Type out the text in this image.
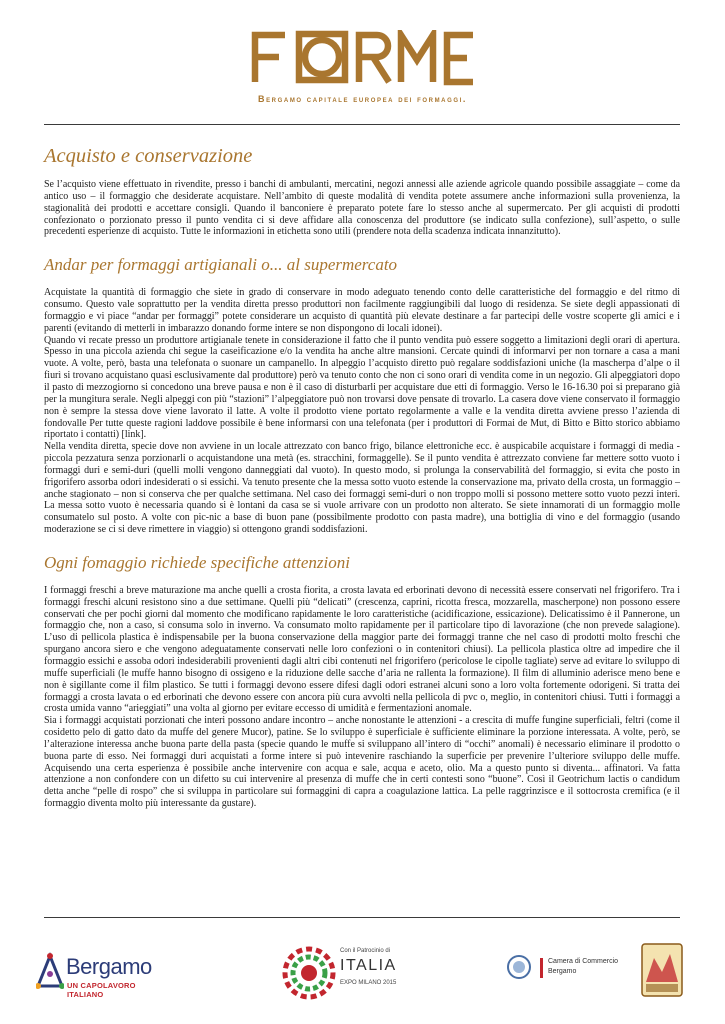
Bergamo capitale europea dei formaggi.
Acquisto e conservazione

Se l’acquisto viene effettuato in rivendite, presso i banchi di ambulanti, mercatini, negozi annessi alle aziende agricole quando possibile assaggiate – come da antico uso – il formaggio che desiderate acquistare. Nell’ambito di queste modalità di vendita potete assumere anche informazioni sulla provenienza, la stagionalità dei prodotti e accettare consigli. Quando il banconiere è preparato potete fare lo stesso anche al supermercato. Per gli acquisti di prodotti confezionato o porzionato presso il punto vendita ci si deve affidare alla conoscenza del produttore (se indicato sulla confezione), sull’aspetto, o sulle precedenti esperienze di acquisto. Tutte le informazioni in etichetta sono utili (prendere nota della scadenza indicata innanzitutto).

Andar per formaggi artigianali o... al supermercato

Acquistate la quantità di formaggio che siete in grado di conservare in modo adeguato tenendo conto delle caratteristiche del formaggio e del ritmo di consumo. Questo vale soprattutto per la vendita diretta presso produttori non facilmente raggiungibili dal luogo di residenza. Se siete degli appassionati di formaggio e vi piace “andar per formaggi” potete considerare un acquisto di quantità più elevate destinare a far partecipi delle vostre scoperte gli amici e i parenti (evitando di metterli in imbarazzo donando forme intere se non dispongono di locali idonei).

Quando vi recate presso un produttore artigianale tenete in considerazione il fatto che il punto vendita può essere soggetto a limitazioni degli orari di apertura. Spesso in una piccola azienda chi segue la caseificazione e/o la vendita ha anche altre mansioni. Cercate quindi di informarvi per non tornare a casa a mani vuote. A volte, però, basta una telefonata o suonare un campanello. In alpeggio l’acquisto diretto può regalare soddisfazioni uniche (la mascherpa d’alpe o il fiurì si trovano acquistano quasi esclusivamente dal produttore) però va tenuto conto che non ci sono orari di vendita come in un negozio. Gli alpeggiatori dopo il pasto di mezzogiorno si concedono una breve pausa e non è il caso di disturbarli per acquistare due etti di formaggio. Verso le 16-16.30 poi si preparano già per la mungitura serale. Negli alpeggi con più “stazioni” l’alpeggiatore può non trovarsi dove pensate di trovarlo. La casera dove viene conservato il formaggio non è sempre la stessa dove viene lavorato il latte. A volte il prodotto viene portato regolarmente a valle e la vendita diretta avviene presso l’azienda di fondovalle Per tutte queste ragioni laddove possibile è bene informarsi con una telefonata (per i produttori di Formai de Mut, di Bitto e Bitto storico abbiamo riportato i contatti) [link].

Nella vendita diretta, specie dove non avviene in un locale attrezzato con banco frigo, bilance elettroniche ecc. è auspicabile acquistare i formaggi di media -piccola pezzatura senza porzionarli o acquistandone una metà (es. stracchini, formaggelle). Se il punto vendita è attrezzato conviene far mettere sotto vuoto i formaggi duri e semi-duri (quelli molli vengono danneggiati dal vuoto). In questo modo, si prolunga la conservabilità del formaggio, si evita che posto in frigorifero assorba odori indesiderati o si essichi. Va tenuto presente che la messa sotto vuoto estende la conservazione ma, privato della crosta, un formaggio – anche stagionato – non si conserva che per qualche settimana. Nel caso dei formaggi semi-duri o non troppo molli si possono mettere sotto vuoto pezzi interi. La messa sotto vuoto è necessaria quando si è lontani da casa se si vuole arrivare con un prodotto non alterato. Se siete innamorati di un formaggio molle consumatelo sul posto. A volte con pic-nic a base di buon pane (possibilmente prodotto con pasta madre), una bottiglia di vino e del formaggio (usando moderazione se ci si deve rimettere in viaggio) si ottengono grandi soddisfazioni.

Ogni fomaggio richiede specifiche attenzioni

I formaggi freschi a breve maturazione ma anche quelli a crosta fiorita, a crosta lavata ed erborinati devono di necessità essere conservati nel frigorifero. Tra i formaggi freschi alcuni resistono sino a due settimane. Quelli più “delicati” (crescenza, caprini, ricotta fresca, mozzarella, mascherpone) non possono essere conservati che per pochi giorni dal momento che modificano rapidamente le loro caratteristiche (acidificazione, essicazione). Delicatissimo è il Pannerone, un formaggio che, non a caso, si consuma solo in inverno. Va consumato molto rapidamente per il particolare tipo di lavorazione (che non prevede salagione). L’uso di pellicola plastica è indispensabile per la buona conservazione della maggior parte dei formaggi tranne che nel caso di prodotti molto freschi che spurgano ancora siero e che vengono adeguatamente conservati nelle loro confezioni o in contenitori chiusi). La pellicola plastica oltre ad impedire che il formaggio essichi e assoba odori indesiderabili provenienti dagli altri cibi contenuti nel frigorifero (pericolose le cipolle tagliate) serve ad evitare lo sviluppo di muffe superficiali (le muffe hanno bisogno di ossigeno e la riduzione delle sacche d’aria ne rallenta la formazione). Il film di alluminio aderisce meno bene e non è sigillante come il film plastico. Se tutti i formaggi devono essere difesi dagli odori estranei alcuni sono a loro volta fortemente odorigeni. Si tratta dei formaggi a crosta lavata o ed erborinati che devono essere con ancora più cura avvolti nella pellicola di pvc o, meglio, in contenitori chiusi. Tutti i formaggi a crosta umida vanno “arieggiati” una volta al giorno per evitare eccesso di umidità e fermentazioni anomale.

Sia i formaggi acquistati porzionati che interi possono andare incontro – anche nonostante le attenzioni - a crescita di muffe fungine superficiali, feltri (come il cosidetto pelo di gatto dato da muffe del genere Mucor), patine. Se lo sviluppo è superficiale è sufficiente eliminare la porzione interessata. A volte, però, se l’alterazione interessa anche buona parte della pasta (specie quando le muffe si sviluppano all’intero di “occhi” anomali) è necessario eliminare il prodotto o buona parte di esso. Nei formaggi duri acquistati a forme intere si può intevenire raschiando la superficie per prevenire l’ulteriore sviluppo delle muffe. Acquisendo una certa esperienza è possibile anche intervenire con acqua e sale, acqua e aceto, olio. Ma a questo punto si diventa... affinatori. Va fatta attenzione a non confondere con un difetto su cui intervenire al presenza di muffe che in certi contesti sono “buone”. Così il Geotrichum lactis o candidum detta anche “pelle di rospo” che si sviluppa in particolare sui formaggini di capra a coagulazione lattica. La pelle raggrinzisce e il sottocrosta cremifica (e il formaggio diventa molto più interessante da gustare).

Bergamo
UN CAPOLAVORO ITALIANO
Con il Patrocinio di
ITALIA
EXPO MILANO 2015
Camera di Commercio
Bergamo
